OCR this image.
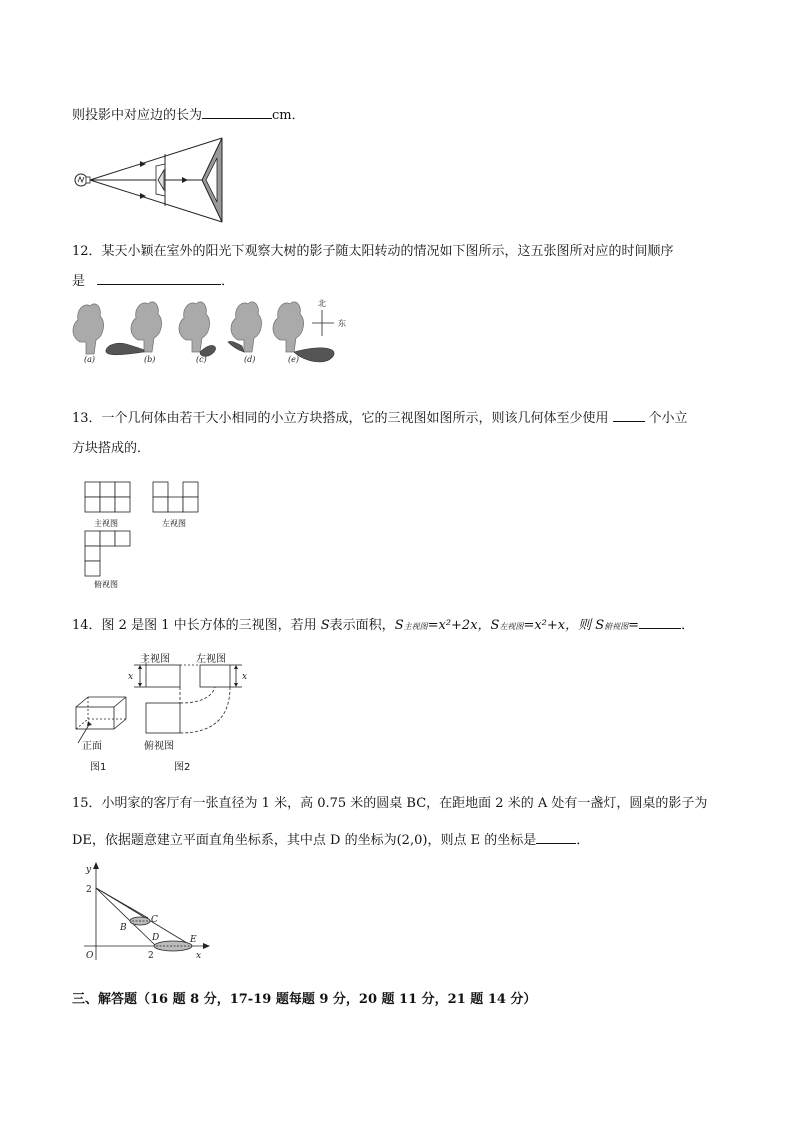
则投影中对应边的长为	cm．
12．某天小颖在室外的阳光下观察大树的影子随太阳转动的情况如下图所示，这五张图所对应的时间顺序
是	．
(a)	(b)	(c)	(d)	(e)
北
东
13．一个几何体由若干大小相同的小立方块搭成，它的三视图如图所示，则该几何体至少使用	个小立
方块搭成的．
主视图	左视图
俯视图
14．图 2 是图 1 中长方体的三视图，若用 S表示面积，S主视图=x²+2x，S左视图=x²+x，则 S俯视图=	．
x	x
主视图	左视图
俯视图
正面
图1	图2
15．小明家的客厅有一张直径为 1 米，高 0.75 米的圆桌 BC，在距地面 2 米的 A 处有一盏灯，圆桌的影子为
DE，依据题意建立平面直角坐标系，其中点 D 的坐标为(2,0)，则点 E 的坐标是	．
y
x
O
2
2
B
C
D	E
三、解答题（16 题 8 分，17-19 题每题 9 分，20 题 11 分，21 题 14 分）
